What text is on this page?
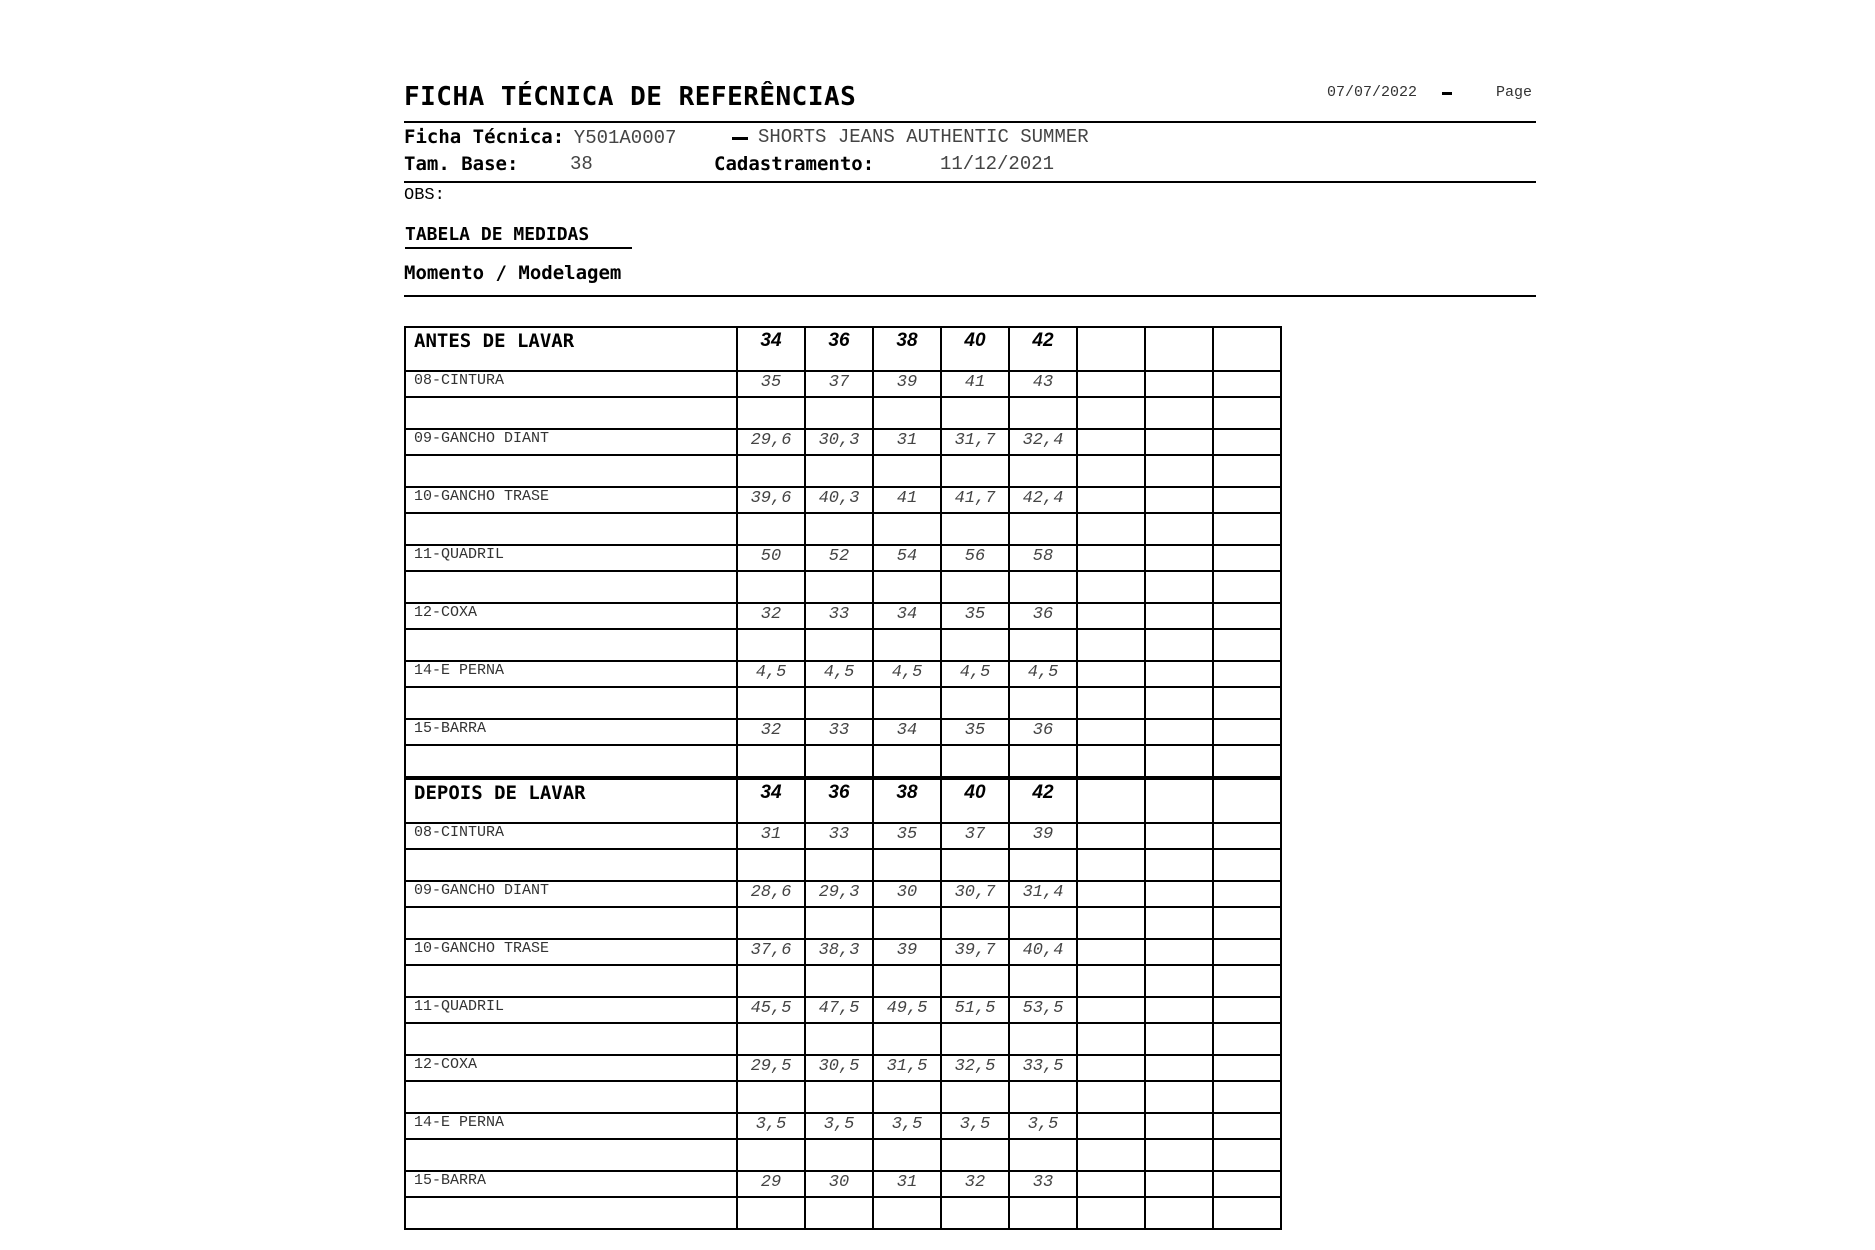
FICHA TÉCNICA DE REFERÊNCIAS	07/07/2022	Page
Ficha Técnica: Y501A0007	SHORTS JEANS AUTHENTIC SUMMER
Tam. Base:	38	Cadastramento:	11/12/2021
OBS:
TABELA DE MEDIDAS
Momento / Modelagem
ANTES DE LAVAR	34	36	38	40	42			
08-CINTURA	35	37	39	41	43			

09-GANCHO DIANT	29,6	30,3	31	31,7	32,4			

10-GANCHO TRASE	39,6	40,3	41	41,7	42,4			

11-QUADRIL	50	52	54	56	58			

12-COXA	32	33	34	35	36			

14-E PERNA	4,5	4,5	4,5	4,5	4,5			

15-BARRA	32	33	34	35	36			

DEPOIS DE LAVAR	34	36	38	40	42			
08-CINTURA	31	33	35	37	39			

09-GANCHO DIANT	28,6	29,3	30	30,7	31,4			

10-GANCHO TRASE	37,6	38,3	39	39,7	40,4			

11-QUADRIL	45,5	47,5	49,5	51,5	53,5			

12-COXA	29,5	30,5	31,5	32,5	33,5			

14-E PERNA	3,5	3,5	3,5	3,5	3,5			

15-BARRA	29	30	31	32	33			
